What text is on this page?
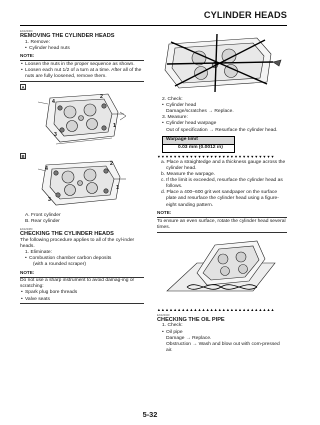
CYLINDER HEADS
EAS23360
REMOVING THE CYLINDER HEADS
1. Remove:
• Cylinder head nuts
NOTE:
• Loosen the nuts in the proper sequence as shown.
• Loosen each nut 1/2 of a turn at a time. After all of the nuts are fully loosened, remove them.
A
4
2
1
3
B
4
2
1
3
A. Front cylinder
B. Rear cylinder
EAS23380
CHECKING THE CYLINDER HEADS
The following procedure applies to all of the cyl-inder heads.
1. Eliminate:
• Combustion chamber carbon deposits
(with a rounded scraper)
NOTE:
Do not use a sharp instrument to avoid damag-ing or scratching:
• Spark plug bore threads
• Valve seats
2. Check:
• Cylinder head
Damage/scratches → Replace.
3. Measure:
• Cylinder head warpage
Out of specification → Resurface the cylinder head.
Warpage limit
0.03 mm (0.0012 in)
▼▼▼▼▼▼▼▼▼▼▼▼▼▼▼▼▼▼▼▼▼▼▼▼▼▼▼▼▼
a. Place a straightedge and a thickness gauge across the cylinder head.
b. Measure the warpage.
c. If the limit is exceeded, resurface the cylinder head as follows.
d. Place a 400–600 grit wet sandpaper on the surface plate and resurface the cylinder head using a figure-eight sanding pattern.
NOTE:
To ensure an even surface, rotate the cylinder head several times.
▲▲▲▲▲▲▲▲▲▲▲▲▲▲▲▲▲▲▲▲▲▲▲▲▲▲▲▲▲
EAS23340
CHECKING THE OIL PIPE
1. Check:
• Oil pipe
Damage → Replace.
Obstruction → Wash and blow out with com-pressed air.
5-32
